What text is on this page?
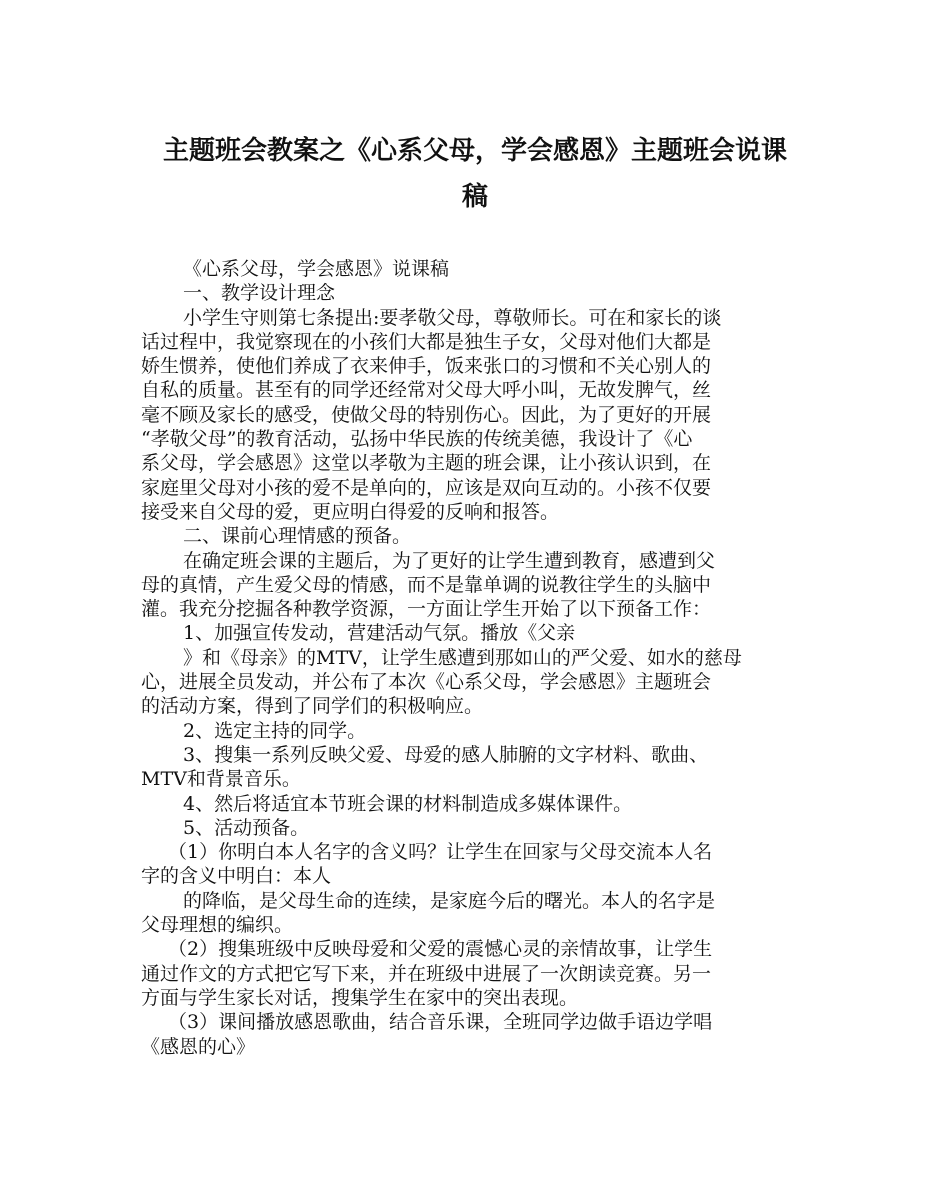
主题班会教案之《心系父母，学会感恩》主题班会说课
稿
《心系父母，学会感恩》说课稿
一、教学设计理念
小学生守则第七条提出:要孝敬父母，尊敬师长。可在和家长的谈
话过程中，我觉察现在的小孩们大都是独生子女，父母对他们大都是
娇生惯养，使他们养成了衣来伸手，饭来张口的习惯和不关心别人的
自私的质量。甚至有的同学还经常对父母大呼小叫，无故发脾气，丝
毫不顾及家长的感受，使做父母的特别伤心。因此，为了更好的开展
“孝敬父母”的教育活动，弘扬中华民族的传统美德，我设计了《心
系父母，学会感恩》这堂以孝敬为主题的班会课，让小孩认识到，在
家庭里父母对小孩的爱不是单向的，应该是双向互动的。小孩不仅要
接受来自父母的爱，更应明白得爱的反响和报答。
二、课前心理情感的预备。
在确定班会课的主题后，为了更好的让学生遭到教育，感遭到父
母的真情，产生爱父母的情感，而不是靠单调的说教往学生的头脑中
灌。我充分挖掘各种教学资源，一方面让学生开始了以下预备工作：
1、加强宣传发动，营建活动气氛。播放《父亲
》和《母亲》的MTV，让学生感遭到那如山的严父爱、如水的慈母
心，进展全员发动，并公布了本次《心系父母，学会感恩》主题班会
的活动方案，得到了同学们的积极响应。
2、选定主持的同学。
3、搜集一系列反映父爱、母爱的感人肺腑的文字材料、歌曲、
MTV和背景音乐。
4、然后将适宜本节班会课的材料制造成多媒体课件。
5、活动预备。
（1）你明白本人名字的含义吗？让学生在回家与父母交流本人名
字的含义中明白：本人
的降临，是父母生命的连续，是家庭今后的曙光。本人的名字是
父母理想的编织。
（2）搜集班级中反映母爱和父爱的震憾心灵的亲情故事，让学生
通过作文的方式把它写下来，并在班级中进展了一次朗读竞赛。另一
方面与学生家长对话，搜集学生在家中的突出表现。
（3）课间播放感恩歌曲，结合音乐课，全班同学边做手语边学唱
《感恩的心》
